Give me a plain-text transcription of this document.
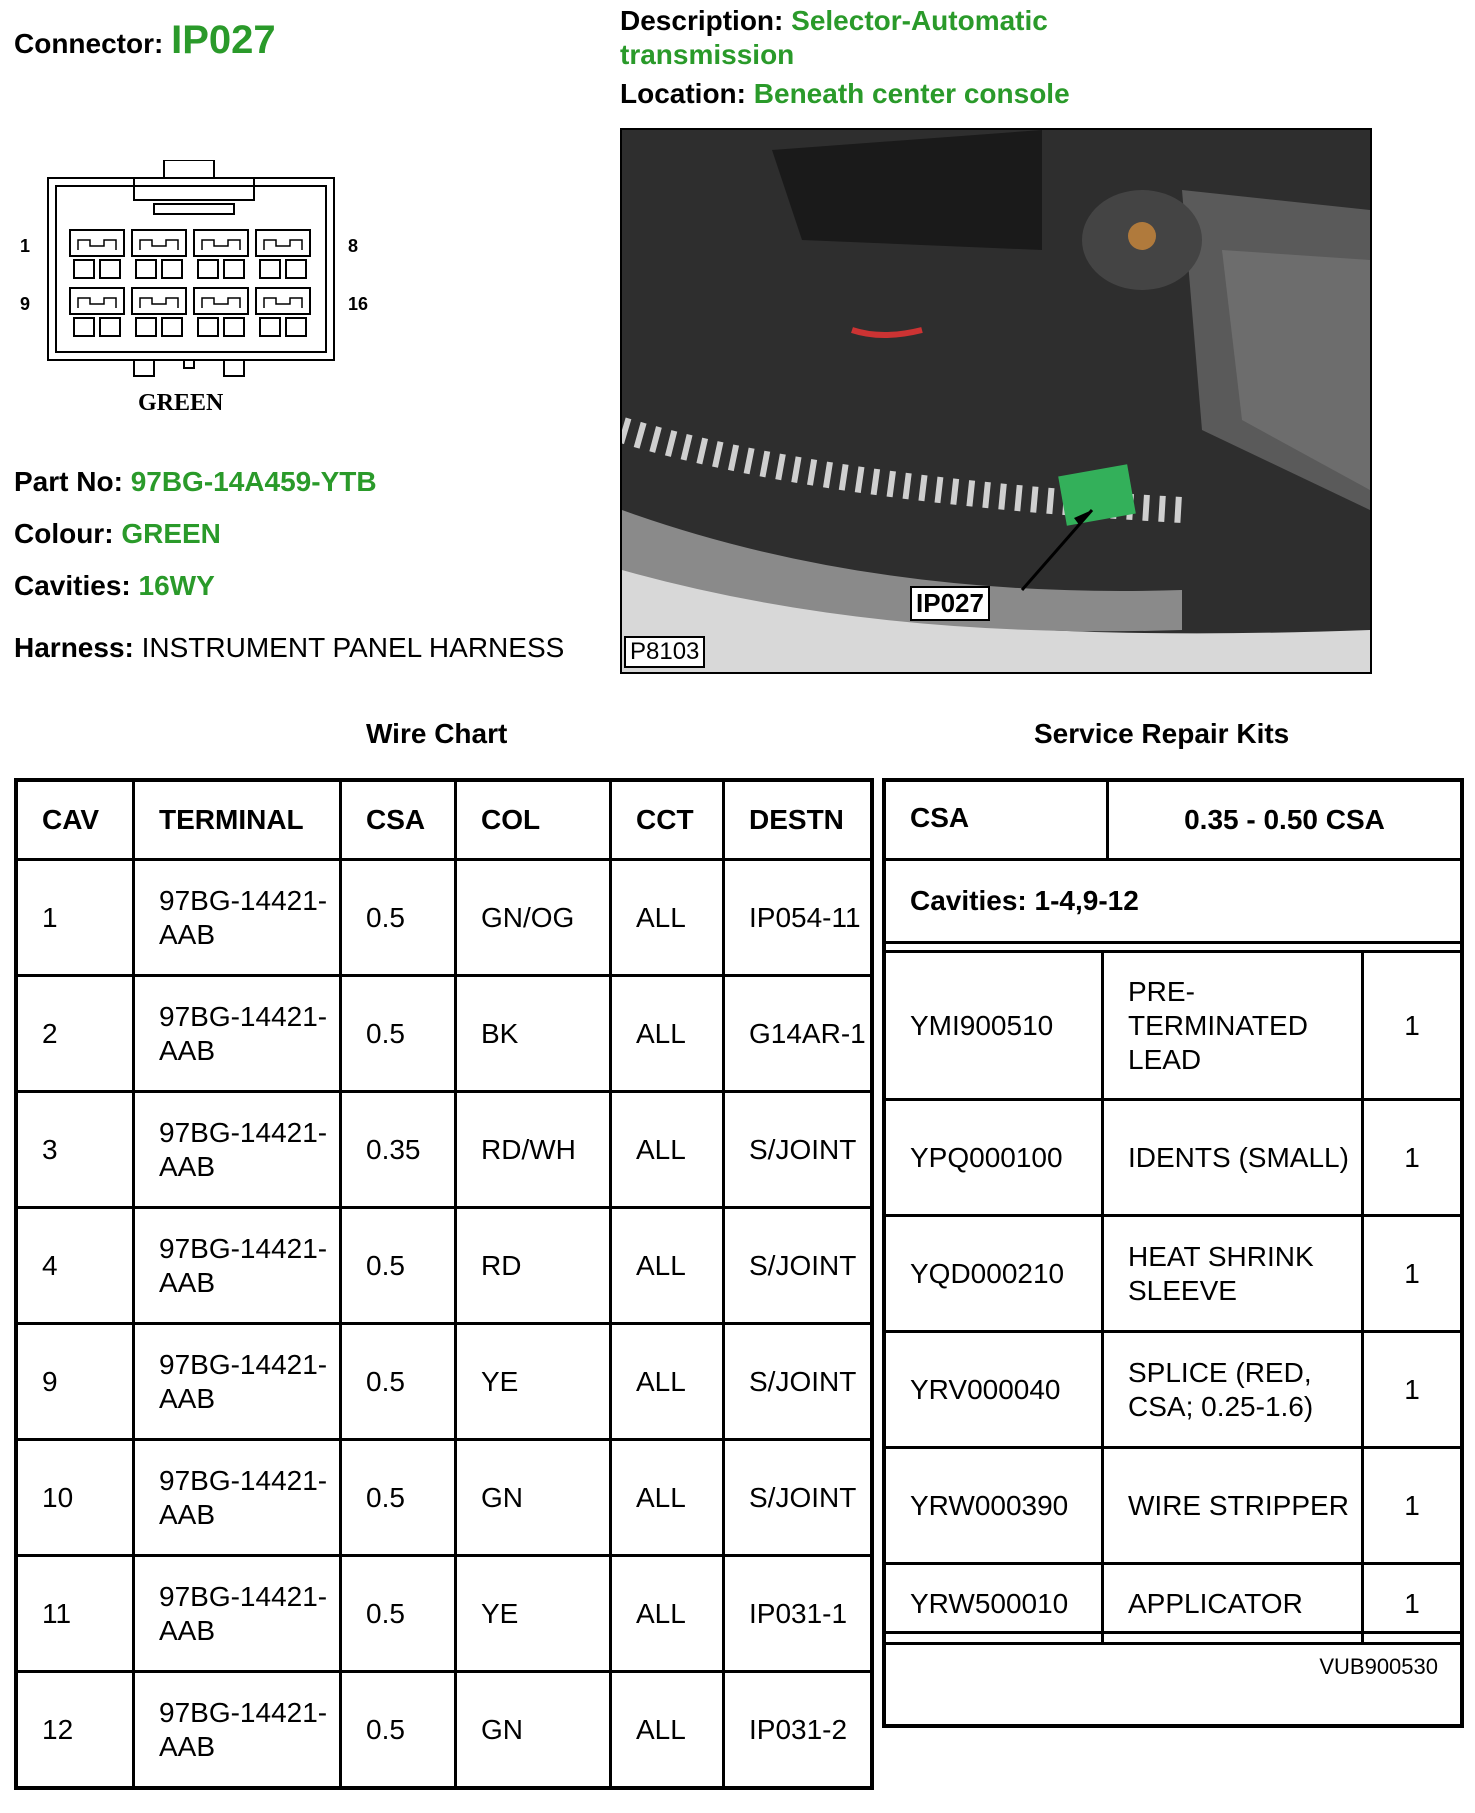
Connector: IP027	Description: Selector-Automatic transmission
Location: Beneath center console
1	8
9	16
GREEN
Part No: 97BG-14A459-YTB
Colour: GREEN
Cavities: 16WY
Harness: INSTRUMENT PANEL HARNESS
IP027
P8103
Wire Chart	Service Repair Kits
CAV	TERMINAL	CSA	COL	CCT	DESTN
1	97BG-14421-AAB	0.5	GN/OG	ALL	IP054-11
2	97BG-14421-AAB	0.5	BK	ALL	G14AR-1
3	97BG-14421-AAB	0.35	RD/WH	ALL	S/JOINT
4	97BG-14421-AAB	0.5	RD	ALL	S/JOINT
9	97BG-14421-AAB	0.5	YE	ALL	S/JOINT
10	97BG-14421-AAB	0.5	GN	ALL	S/JOINT
11	97BG-14421-AAB	0.5	YE	ALL	IP031-1
12	97BG-14421-AAB	0.5	GN	ALL	IP031-2
CSA	0.35 - 0.50 CSA
Cavities: 1-4,9-12
YMI900510	PRE-TERMINATED LEAD	1
YPQ000100	IDENTS (SMALL)	1
YQD000210	HEAT SHRINK SLEEVE	1
YRV000040	SPLICE (RED, CSA; 0.25-1.6)	1
YRW000390	WIRE STRIPPER	1
YRW500010	APPLICATOR	1
VUB900530
